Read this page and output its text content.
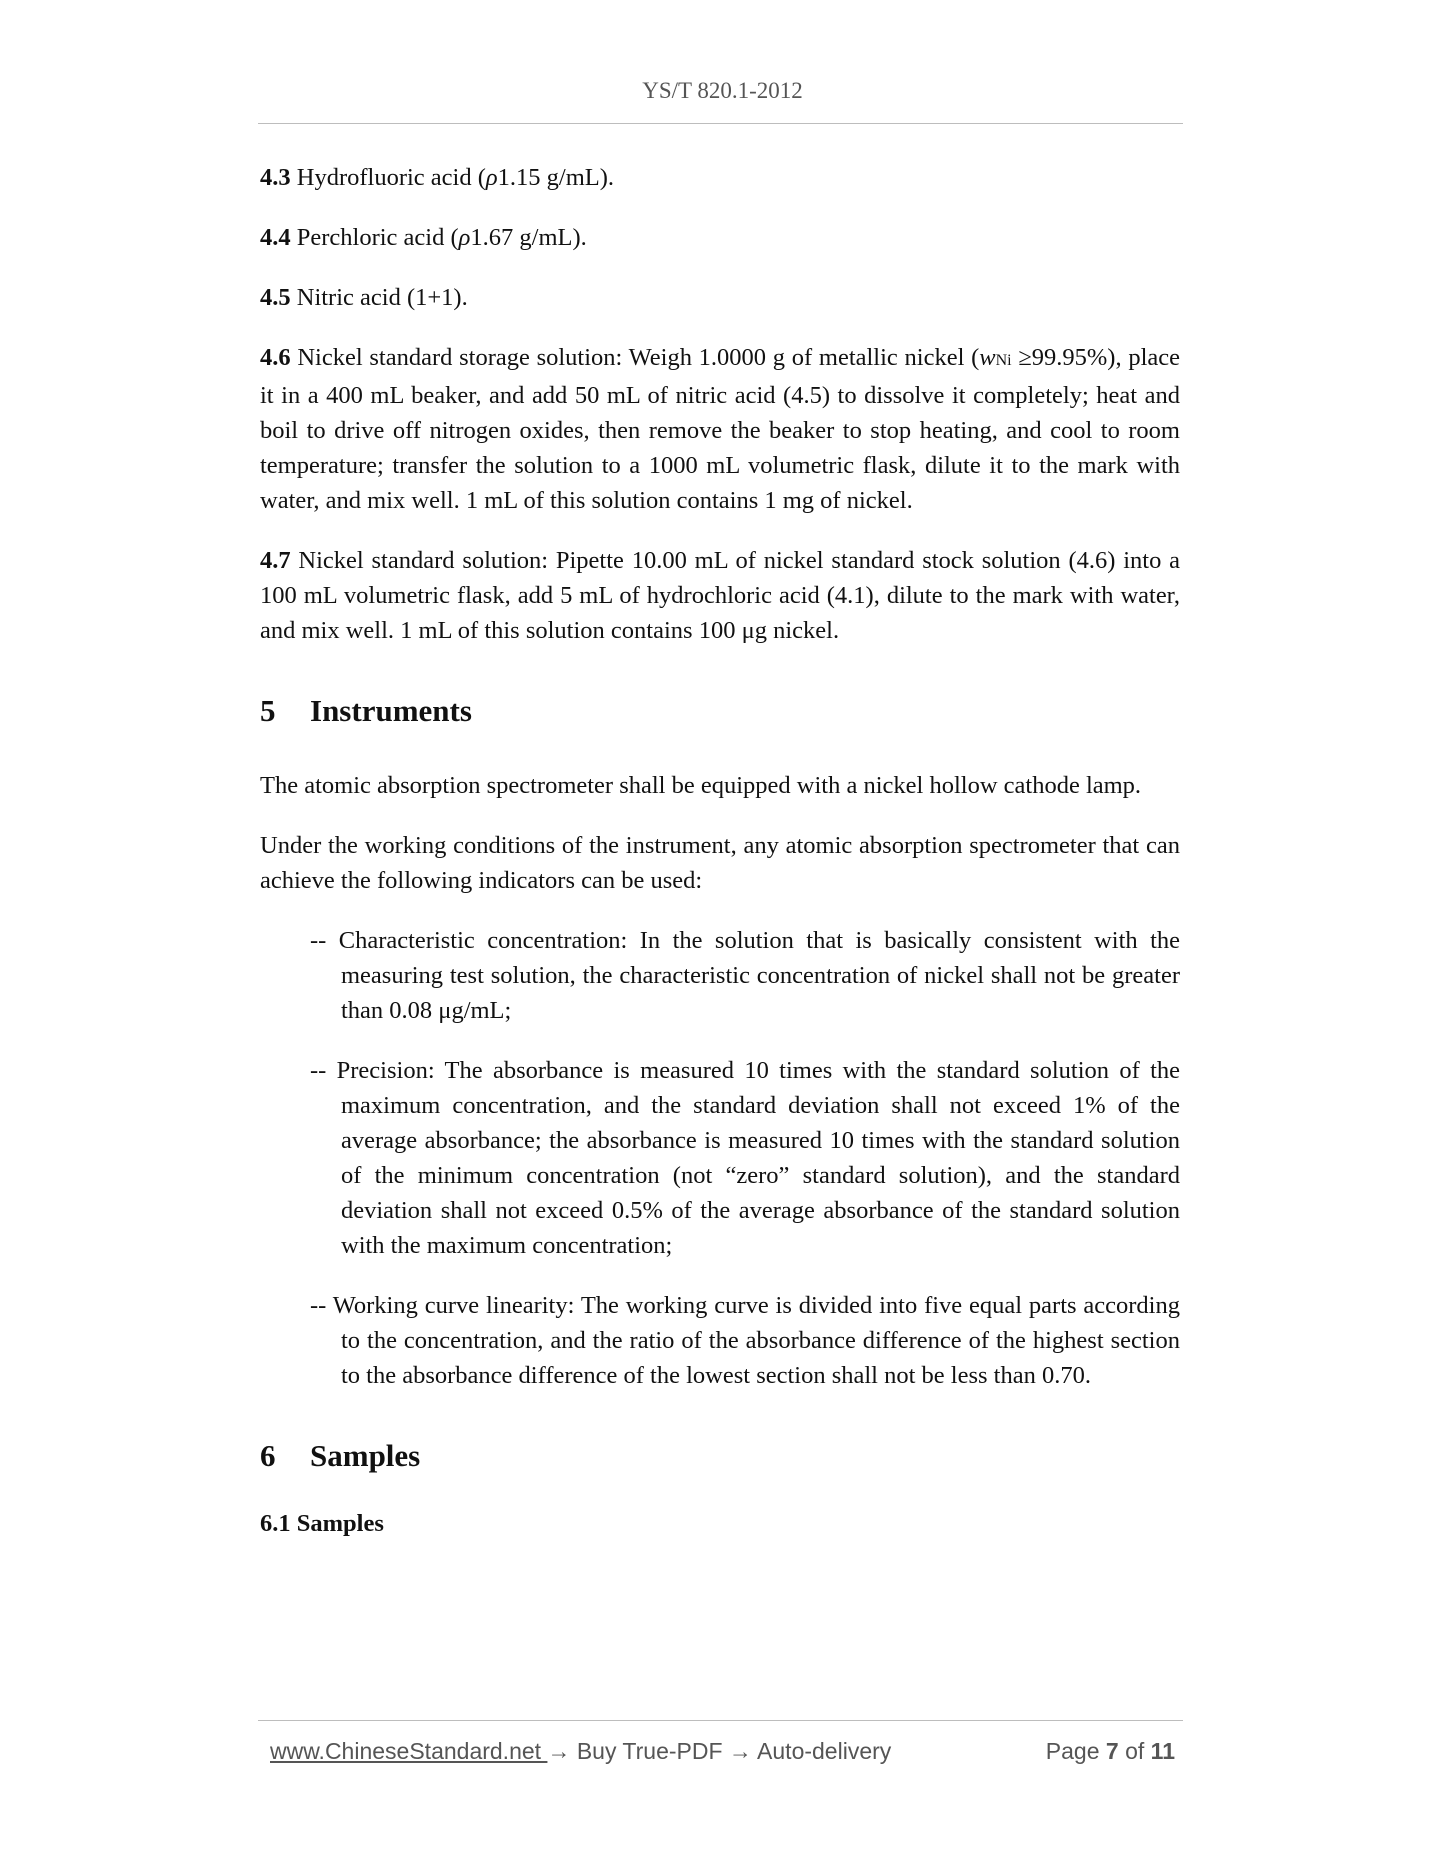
YS/T 820.1-2012

4.3 Hydrofluoric acid (ρ1.15 g/mL).

4.4 Perchloric acid (ρ1.67 g/mL).

4.5 Nitric acid (1+1).

4.6 Nickel standard storage solution: Weigh 1.0000 g of metallic nickel (wNi ≥99.95%), place it in a 400 mL beaker, and add 50 mL of nitric acid (4.5) to dissolve it completely; heat and boil to drive off nitrogen oxides, then remove the beaker to stop heating, and cool to room temperature; transfer the solution to a 1000 mL volumetric flask, dilute it to the mark with water, and mix well. 1 mL of this solution contains 1 mg of nickel.

4.7 Nickel standard solution: Pipette 10.00 mL of nickel standard stock solution (4.6) into a 100 mL volumetric flask, add 5 mL of hydrochloric acid (4.1), dilute to the mark with water, and mix well. 1 mL of this solution contains 100 μg nickel.

5 Instruments

The atomic absorption spectrometer shall be equipped with a nickel hollow cathode lamp.

Under the working conditions of the instrument, any atomic absorption spectrometer that can achieve the following indicators can be used:

-- Characteristic concentration: In the solution that is basically consistent with the measuring test solution, the characteristic concentration of nickel shall not be greater than 0.08 μg/mL;

-- Precision: The absorbance is measured 10 times with the standard solution of the maximum concentration, and the standard deviation shall not exceed 1% of the average absorbance; the absorbance is measured 10 times with the standard solution of the minimum concentration (not “zero” standard solution), and the standard deviation shall not exceed 0.5% of the average absorbance of the standard solution with the maximum concentration;

-- Working curve linearity: The working curve is divided into five equal parts according to the concentration, and the ratio of the absorbance difference of the highest section to the absorbance difference of the lowest section shall not be less than 0.70.

6 Samples
6.1 Samples
www.ChineseStandard.net → Buy True-PDF → Auto-delivery	Page 7 of 11
